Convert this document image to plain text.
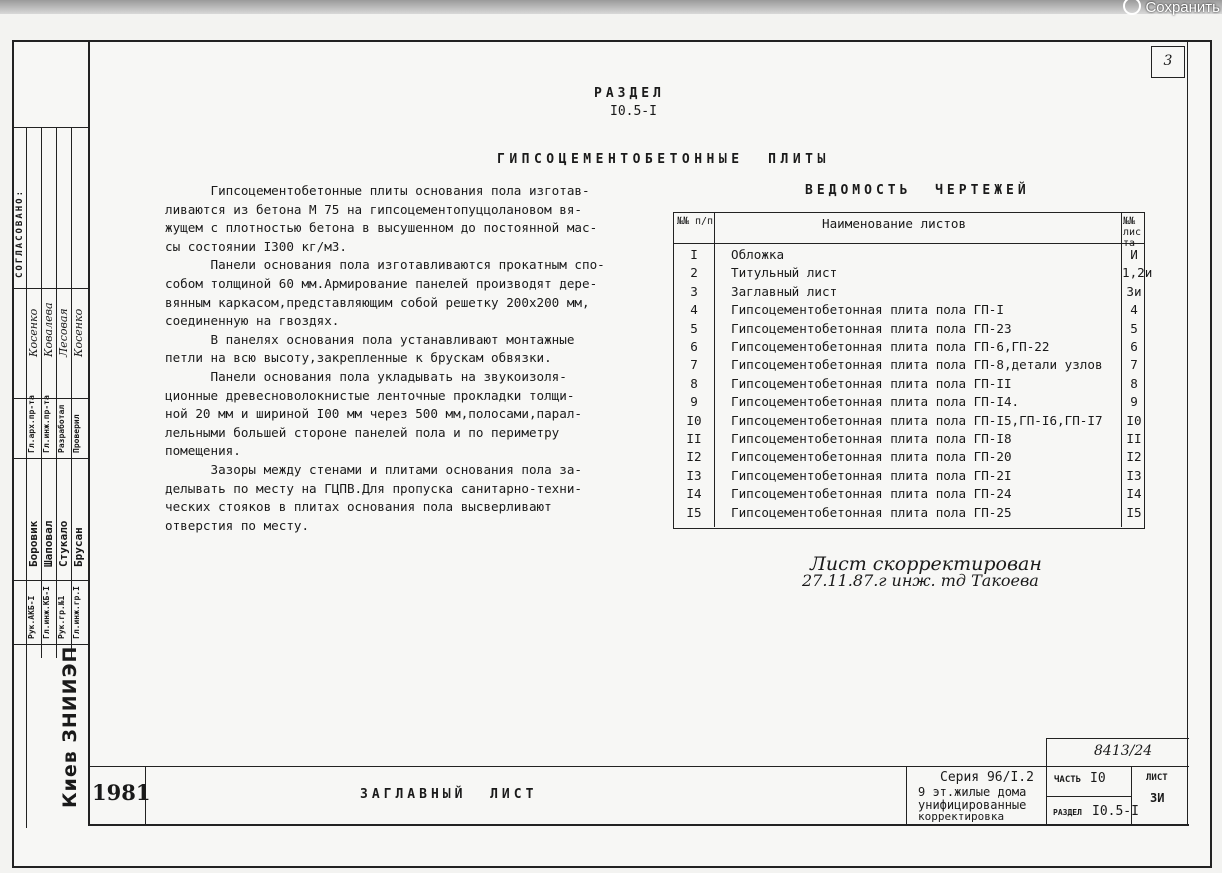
Сохранить
3
РАЗДЕЛ
I0.5-I
ГИПСОЦЕМЕНТОБЕТОННЫЕ  ПЛИТЫ
Гипсоцементобетонные плиты основания пола изготав-
ливаются из бетона М 75 на гипсоцементопуццолановом вя-
жущем с плотностью бетона в высушенном до постоянной мас-
сы состоянии I300 кг/м3.
Панели основания пола изготавливаются прокатным спо-
собом толщиной 60 мм.Армирование панелей производят дере-
вянным каркасом,представляющим собой решетку 200х200 мм,
соединенную на гвоздях.
В панелях основания пола устанавливают монтажные
петли на всю высоту,закрепленные к брускам обвязки.
Панели основания пола укладывать на звукоизоля-
ционные древесноволокнистые ленточные прокладки толщи-
ной 20 мм и шириной I00 мм через 500 мм,полосами,парал-
лельными большей стороне панелей пола и по периметру
помещения.
Зазоры между стенами и плитами основания пола за-
делывать по месту на ГЦПВ.Для пропуска санитарно-техни-
ческих стояков в плитах основания пола высверливают
отверстия по месту.
ВЕДОМОСТЬ  ЧЕРТЕЖЕЙ
№№ п/п	Наименование листов	№№ листа
I	Обложка	И
2	Титульный лист	1,2и
3	Заглавный лист	3и
4	Гипсоцементобетонная плита пола ГП-I	4
5	Гипсоцементобетонная плита пола ГП-23	5
6	Гипсоцементобетонная плита пола ГП-6,ГП-22	6
7	Гипсоцементобетонная плита пола ГП-8,детали узлов	7
8	Гипсоцементобетонная плита пола ГП-II	8
9	Гипсоцементобетонная плита пола ГП-I4.	9
I0	Гипсоцементобетонная плита пола ГП-I5,ГП-I6,ГП-I7	I0
II	Гипсоцементобетонная плита пола ГП-I8	II
I2	Гипсоцементобетонная плита пола ГП-20	I2
I3	Гипсоцементобетонная плита пола ГП-2I	I3
I4	Гипсоцементобетонная плита пола ГП-24	I4
I5	Гипсоцементобетонная плита пола ГП-25	I5
Лист скорректирован
27.11.87.г инж. тд Такоева
СОГЛАСОВАНО:
Киев ЗНИИЭП
Рук.АКБ-I Гл.инж.КБ-I Рук.гр.№1 Гл.инж.гр.I
Боровик Шаповал Стукало Брусан
Гл.арх.пр-та Гл.инж.пр-та Разработал Проверил
Косенко Ковалева Лесовая Косенко
1981	ЗАГЛАВНЫЙ  ЛИСТ
Серия 96/I.2
9 эт.жилые дома
унифицированные
корректировка
8413/24
ЧАСТЬ I0
РАЗДЕЛ I0.5-I
ЛИСТ
3И
